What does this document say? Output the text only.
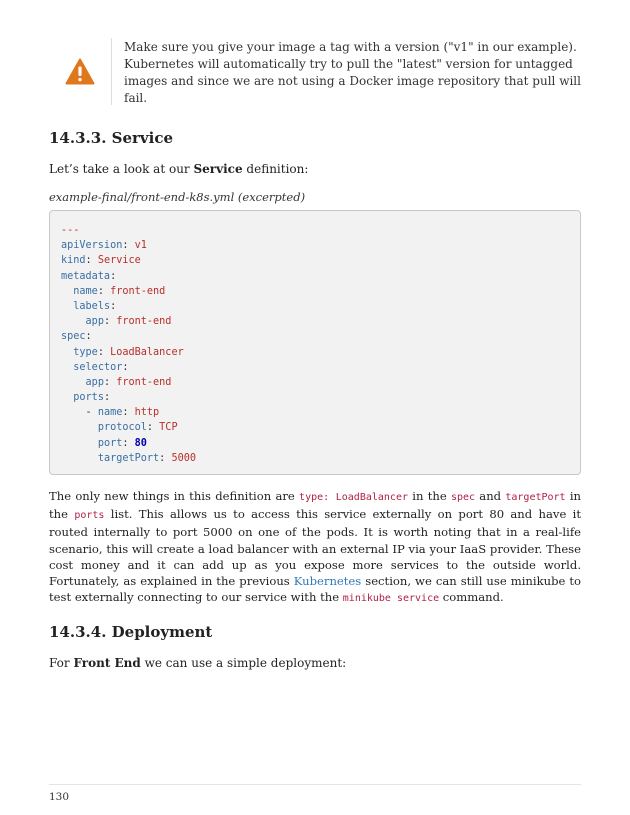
Make sure you give your image a tag with a version ("v1" in our example). Kubernetes will automatically try to pull the "latest" version for untagged images and since we are not using a Docker image repository that pull will fail.
14.3.3. Service

Let’s take a look at our Service definition:

example-final/front-end-k8s.yml (excerpted)
---
apiVersion: v1
kind: Service
metadata:
name: front-end
labels:
app: front-end
spec:
type: LoadBalancer
selector:
app: front-end
ports:
- name: http
protocol: TCP
port: 80
targetPort: 5000

The only new things in this definition are type: LoadBalancer in the spec and targetPort in the ports list. This allows us to access this service externally on port 80 and have it routed internally to port 5000 on one of the pods. It is worth noting that in a real-life scenario, this will create a load balancer with an external IP via your IaaS provider. These cost money and it can add up as you expose more services to the outside world. Fortunately, as explained in the previous Kubernetes section, we can still use minikube to test externally connecting to our service with the minikube service command.

14.3.4. Deployment

For Front End we can use a simple deployment:

130
